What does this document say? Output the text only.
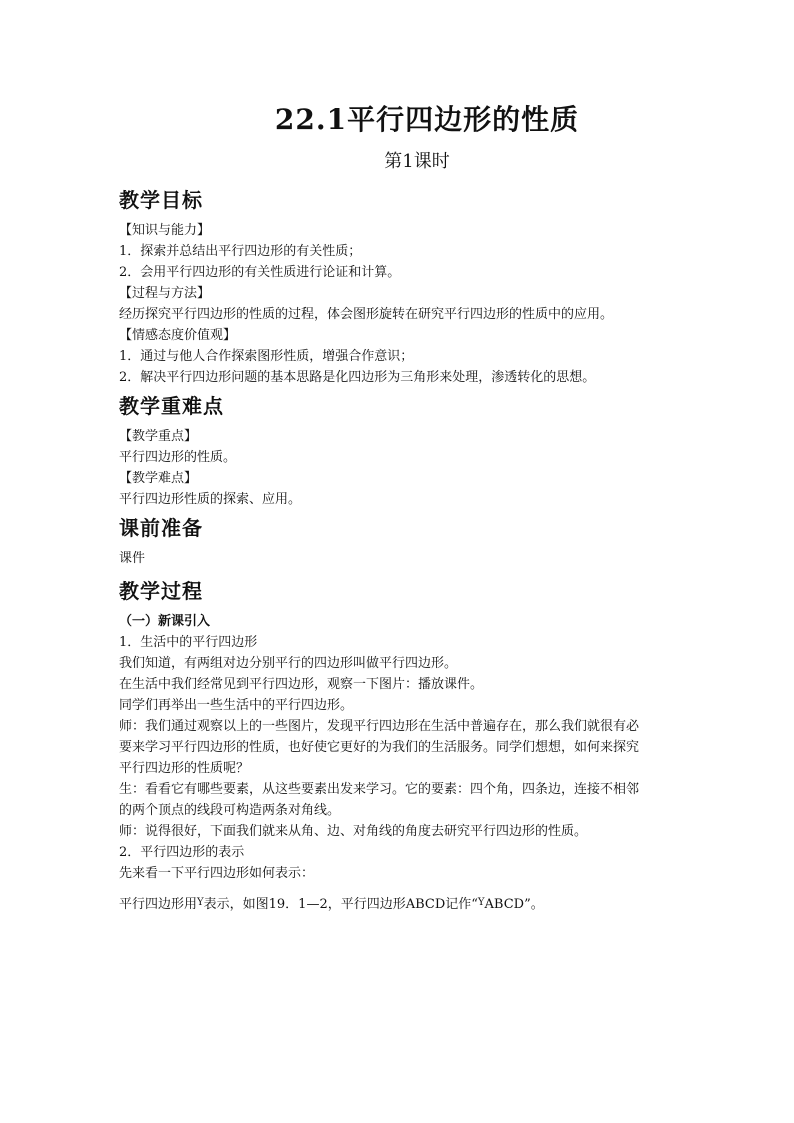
22.1平行四边形的性质
第1课时
教学目标

【知识与能力】

1．探索并总结出平行四边形的有关性质；

2．会用平行四边形的有关性质进行论证和计算。

【过程与方法】

经历探究平行四边形的性质的过程，体会图形旋转在研究平行四边形的性质中的应用。

【情感态度价值观】

1．通过与他人合作探索图形性质，增强合作意识；

2．解决平行四边形问题的基本思路是化四边形为三角形来处理，渗透转化的思想。

教学重难点

【教学重点】

平行四边形的性质。

【教学难点】

平行四边形性质的探索、应用。

课前准备

课件

教学过程

（一）新课引入

1．生活中的平行四边形

我们知道，有两组对边分别平行的四边形叫做平行四边形。

在生活中我们经常见到平行四边形，观察一下图片：播放课件。

同学们再举出一些生活中的平行四边形。

师：我们通过观察以上的一些图片，发现平行四边形在生活中普遍存在，那么我们就很有必

要来学习平行四边形的性质，也好使它更好的为我们的生活服务。同学们想想，如何来探究

平行四边形的性质呢？

生：看看它有哪些要素，从这些要素出发来学习。它的要素：四个角，四条边，连接不相邻

的两个顶点的线段可构造两条对角线。

师：说得很好，下面我们就来从角、边、对角线的角度去研究平行四边形的性质。

2．平行四边形的表示

先来看一下平行四边形如何表示：

平行四边形用$^Y$表示，如图19．1—2，平行四边形ABCD记作“$^Y$ABCD”。
